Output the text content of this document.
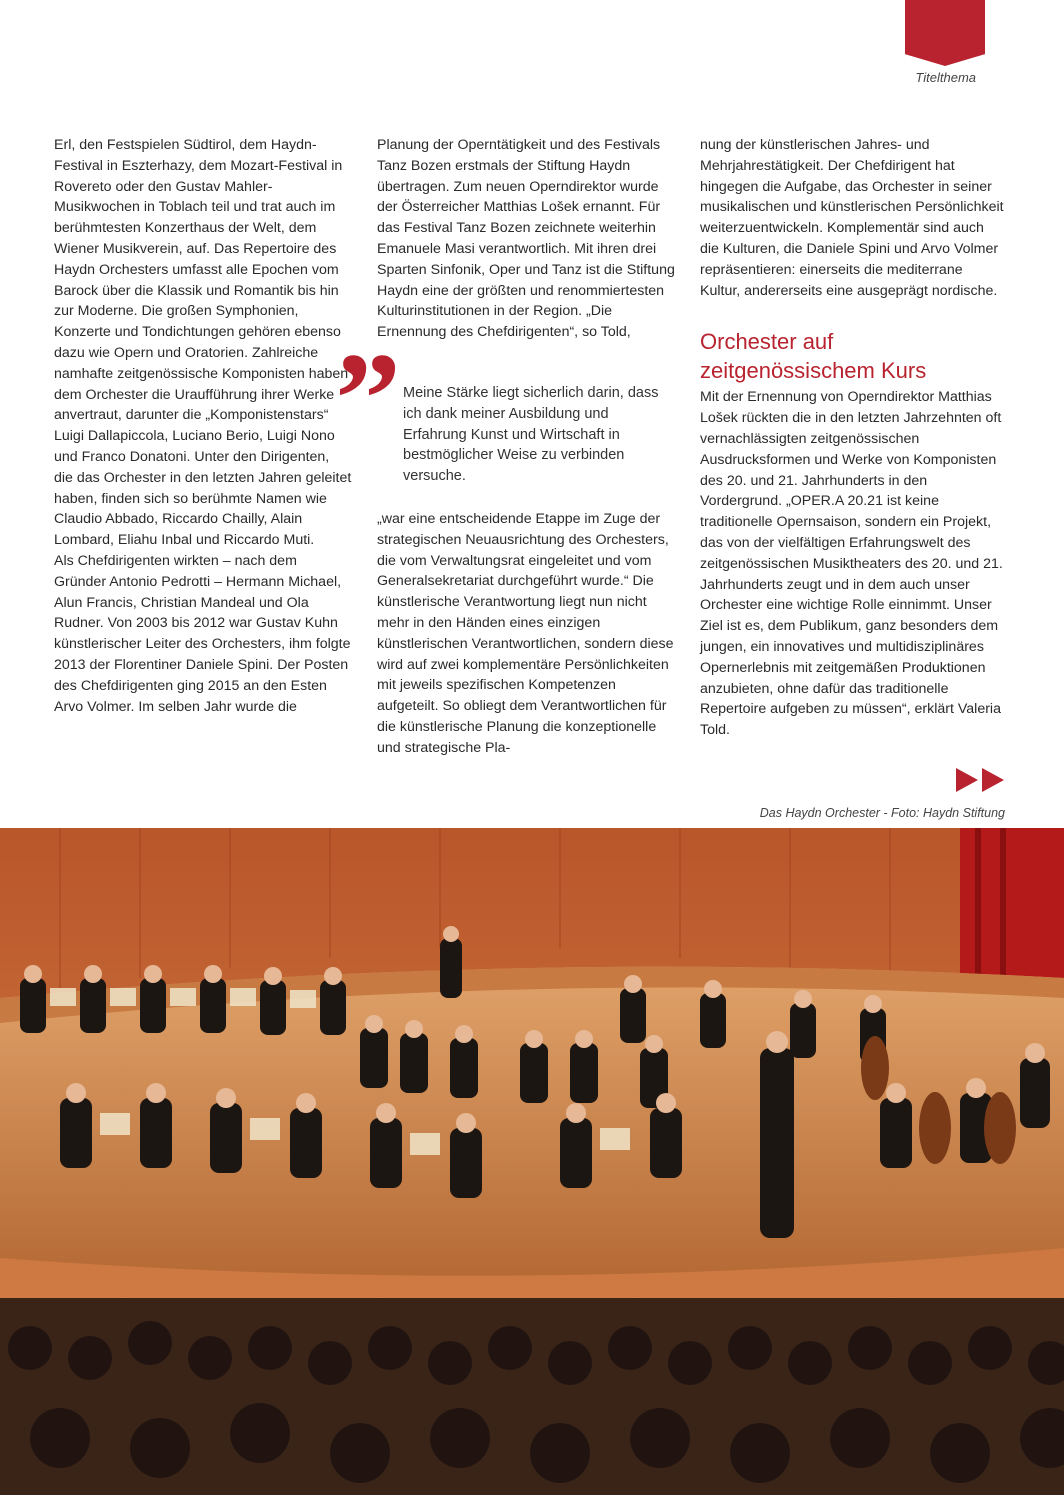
Titelthema

Erl, den Festspielen Südtirol, dem Haydn-Festival in Eszterhazy, dem Mozart-Festival in Rovereto oder den Gustav Mahler-Musikwochen in Toblach teil und trat auch im berühmtesten Konzerthaus der Welt, dem Wiener Musikverein, auf. Das Repertoire des Haydn Orchesters umfasst alle Epochen vom Barock über die Klassik und Romantik bis hin zur Moderne. Die großen Symphonien, Konzerte und Tondichtungen gehören ebenso dazu wie Opern und Oratorien. Zahlreiche namhafte zeitgenössische Komponisten haben dem Orchester die Uraufführung ihrer Werke anvertraut, darunter die „Komponistenstars“ Luigi Dallapiccola, Luciano Berio, Luigi Nono und Franco Donatoni. Unter den Dirigenten, die das Orchester in den letzten Jahren geleitet haben, finden sich so berühmte Namen wie Claudio Abbado, Riccardo Chailly, Alain Lombard, Eliahu Inbal und Riccardo Muti.

Als Chefdirigenten wirkten – nach dem Gründer Antonio Pedrotti – Hermann Michael, Alun Francis, Christian Mandeal und Ola Rudner. Von 2003 bis 2012 war Gustav Kuhn künstlerischer Leiter des Orchesters, ihm folgte 2013 der Florentiner Daniele Spini. Der Posten des Chefdirigenten ging 2015 an den Esten Arvo Volmer. Im selben Jahr wurde die

Planung der Operntätigkeit und des Festivals Tanz Bozen erstmals der Stiftung Haydn übertragen. Zum neuen Operndirektor wurde der Österreicher Matthias Lošek ernannt. Für das Festival Tanz Bozen zeichnete weiterhin Emanuele Masi verantwortlich. Mit ihren drei Sparten Sinfonik, Oper und Tanz ist die Stiftung Haydn eine der größten und renommiertesten Kulturinstitutionen in der Region. „Die Ernennung des Chefdirigenten“, so Told,

” Meine Stärke liegt sicherlich darin, dass ich dank meiner Ausbildung und Erfahrung Kunst und Wirtschaft in bestmöglicher Weise zu verbinden versuche.

„war eine entscheidende Etappe im Zuge der strategischen Neuausrichtung des Orchesters, die vom Verwaltungsrat eingeleitet und vom Generalsekretariat durchgeführt wurde.“ Die künstlerische Verantwortung liegt nun nicht mehr in den Händen eines einzigen künstlerischen Verantwortlichen, sondern diese wird auf zwei komplementäre Persönlichkeiten mit jeweils spezifischen Kompetenzen aufgeteilt. So obliegt dem Verantwortlichen für die künstlerische Planung die konzeptionelle und strategische Pla-

nung der künstlerischen Jahres- und Mehrjahrestätigkeit. Der Chefdirigent hat hingegen die Aufgabe, das Orchester in seiner musikalischen und künstlerischen Persönlichkeit weiterzuentwickeln. Komplementär sind auch die Kulturen, die Daniele Spini und Arvo Volmer repräsentieren: einerseits die mediterrane Kultur, andererseits eine ausgeprägt nordische.

Orchester auf zeitgenössischem Kurs

Mit der Ernennung von Operndirektor Matthias Lošek rückten die in den letzten Jahrzehnten oft vernachlässigten zeitgenössischen Ausdrucksformen und Werke von Komponisten des 20. und 21. Jahrhunderts in den Vordergrund. „OPER.A 20.21 ist keine traditionelle Opernsaison, sondern ein Projekt, das von der vielfältigen Erfahrungswelt des zeitgenössischen Musiktheaters des 20. und 21. Jahrhunderts zeugt und in dem auch unser Orchester eine wichtige Rolle einnimmt. Unser Ziel ist es, dem Publikum, ganz besonders dem jungen, ein innovatives und multidisziplinäres Opernerlebnis mit zeitgemäßen Produktionen anzubieten, ohne dafür das traditionelle Repertoire aufgeben zu müssen“, erklärt Valeria Told.

Das Haydn Orchester - Foto: Haydn Stiftung
